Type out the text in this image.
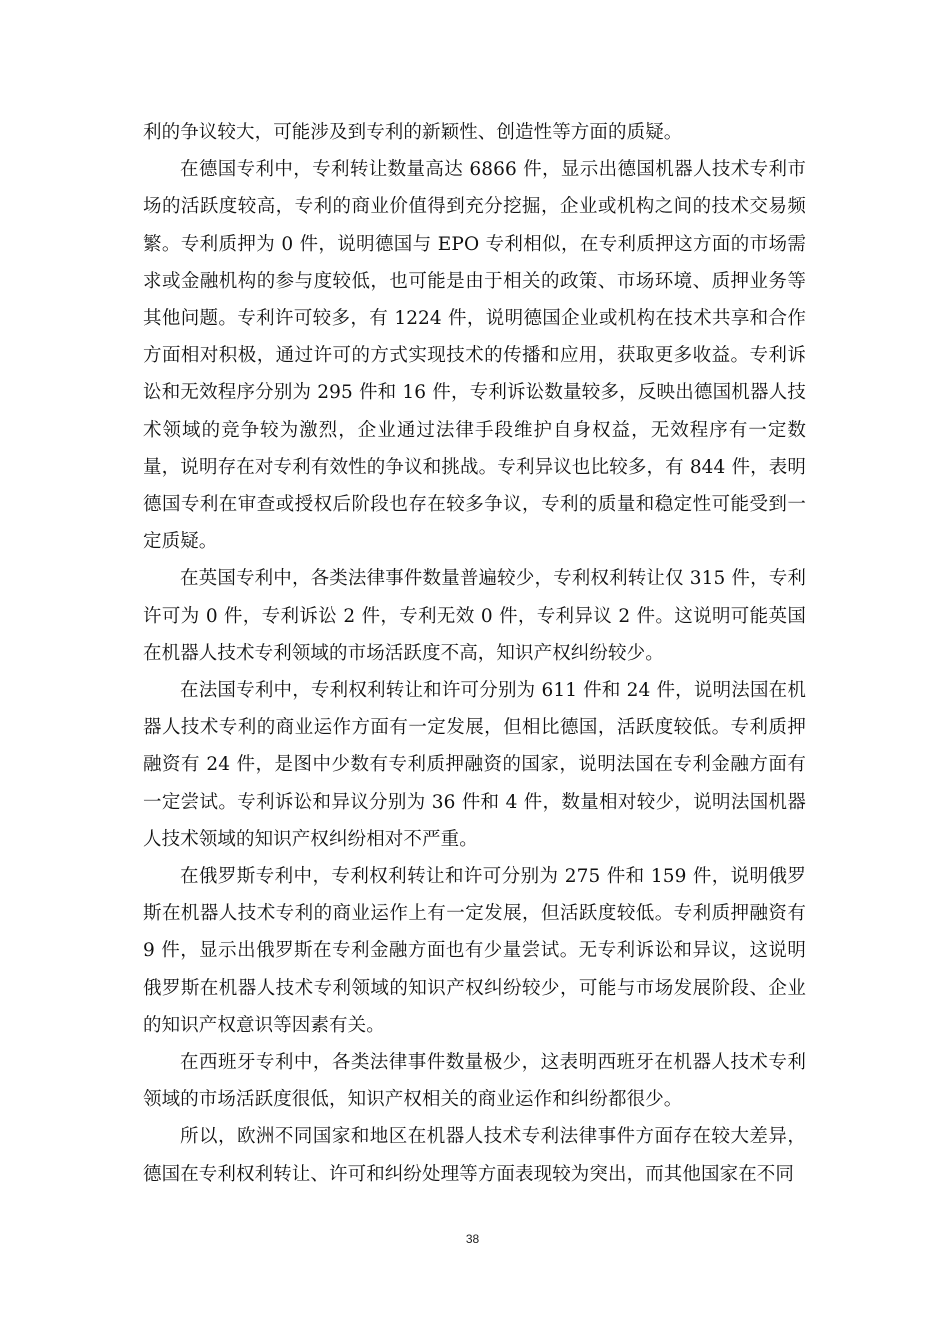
利的争议较大，可能涉及到专利的新颖性、创造性等方面的质疑。

在德国专利中，专利转让数量高达 6866 件，显示出德国机器人技术专利市场的活跃度较高，专利的商业价值得到充分挖掘，企业或机构之间的技术交易频繁。专利质押为 0 件，说明德国与 EPO 专利相似，在专利质押这方面的市场需求或金融机构的参与度较低，也可能是由于相关的政策、市场环境、质押业务等其他问题。专利许可较多，有 1224 件，说明德国企业或机构在技术共享和合作方面相对积极，通过许可的方式实现技术的传播和应用，获取更多收益。专利诉讼和无效程序分别为 295 件和 16 件，专利诉讼数量较多，反映出德国机器人技术领域的竞争较为激烈，企业通过法律手段维护自身权益，无效程序有一定数量，说明存在对专利有效性的争议和挑战。专利异议也比较多，有 844 件，表明德国专利在审查或授权后阶段也存在较多争议，专利的质量和稳定性可能受到一定质疑。

在英国专利中，各类法律事件数量普遍较少，专利权利转让仅 315 件，专利许可为 0 件，专利诉讼 2 件，专利无效 0 件，专利异议 2 件。这说明可能英国在机器人技术专利领域的市场活跃度不高，知识产权纠纷较少。

在法国专利中，专利权利转让和许可分别为 611 件和 24 件，说明法国在机器人技术专利的商业运作方面有一定发展，但相比德国，活跃度较低。专利质押融资有 24 件，是图中少数有专利质押融资的国家，说明法国在专利金融方面有一定尝试。专利诉讼和异议分别为 36 件和 4 件，数量相对较少，说明法国机器人技术领域的知识产权纠纷相对不严重。

在俄罗斯专利中，专利权利转让和许可分别为 275 件和 159 件，说明俄罗斯在机器人技术专利的商业运作上有一定发展，但活跃度较低。专利质押融资有 9 件，显示出俄罗斯在专利金融方面也有少量尝试。无专利诉讼和异议，这说明俄罗斯在机器人技术专利领域的知识产权纠纷较少，可能与市场发展阶段、企业的知识产权意识等因素有关。

在西班牙专利中，各类法律事件数量极少，这表明西班牙在机器人技术专利领域的市场活跃度很低，知识产权相关的商业运作和纠纷都很少。

所以，欧洲不同国家和地区在机器人技术专利法律事件方面存在较大差异，德国在专利权利转让、许可和纠纷处理等方面表现较为突出，而其他国家在不同

38
